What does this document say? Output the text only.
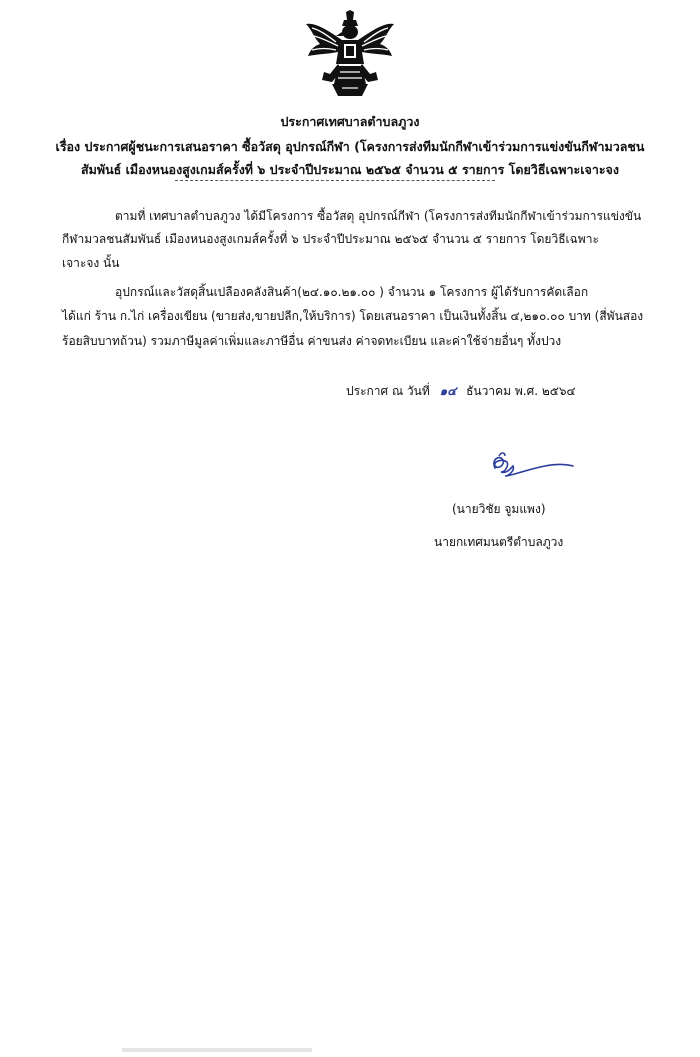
ประกาศเทศบาลตำบลภูวง
เรื่อง ประกาศผู้ชนะการเสนอราคา ซื้อวัสดุ อุปกรณ์กีฬา (โครงการส่งทีมนักกีฬาเข้าร่วมการแข่งขันกีฬามวลชน
สัมพันธ์ เมืองหนองสูงเกมส์ครั้งที่ ๖ ประจำปีประมาณ ๒๕๖๕ จำนวน ๕ รายการ โดยวิธีเฉพาะเจาะจง
ตามที่ เทศบาลตำบลภูวง ได้มีโครงการ ซื้อวัสดุ อุปกรณ์กีฬา (โครงการส่งทีมนักกีฬาเข้าร่วมการแข่งขัน
กีฬามวลชนสัมพันธ์ เมืองหนองสูงเกมส์ครั้งที่ ๖ ประจำปีประมาณ ๒๕๖๕ จำนวน ๕ รายการ โดยวิธีเฉพาะ
เจาะจง นั้น
อุปกรณ์และวัสดุสิ้นเปลืองคลังสินค้า(๒๔.๑๐.๒๑.๐๐ ) จำนวน ๑ โครงการ ผู้ได้รับการคัดเลือก
ได้แก่ ร้าน ก.ไก่ เครื่องเขียน (ขายส่ง,ขายปลีก,ให้บริการ) โดยเสนอราคา เป็นเงินทั้งสิ้น ๔,๒๑๐.๐๐ บาท (สี่พันสอง
ร้อยสิบบาทถ้วน) รวมภาษีมูลค่าเพิ่มและภาษีอื่น ค่าขนส่ง ค่าจดทะเบียน และค่าใช้จ่ายอื่นๆ ทั้งปวง
ประกาศ ณ วันที่ ๑๔ ธันวาคม พ.ศ. ๒๕๖๔
(นายวิชัย จูมแพง)
นายกเทศมนตรีตำบลภูวง
